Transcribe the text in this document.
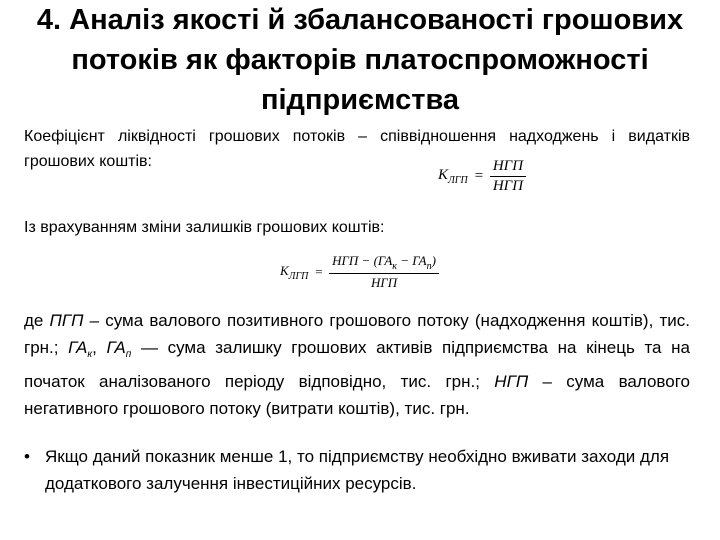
4. Аналіз якості й збалансованості грошових потоків як факторів платоспроможності підприємства

Коефіцієнт ліквідності грошових потоків – співвідношення надходжень і видатків грошових коштів:

$K_{ЛГП} = \frac{\text{НГП}}{\text{НГП}}$

Із врахуванням зміни залишків грошових коштів:

$K_{ЛГП} = \frac{НГП - (ГА_к - ГА_п)}{\text{НГП}}$

де ПГП – сума валового позитивного грошового потоку (надходження коштів), тис. грн.; $ГА_к$, $ГА_п$ — сума залишку грошових активів підприємства на кінець та на початок аналізованого періоду відповідно, тис. грн.; НГП – сума валового негативного грошового потоку (витрати коштів), тис. грн.

• Якщо даний показник менше 1, то підприємству необхідно вживати заходи для додаткового залучення інвестиційних ресурсів.
